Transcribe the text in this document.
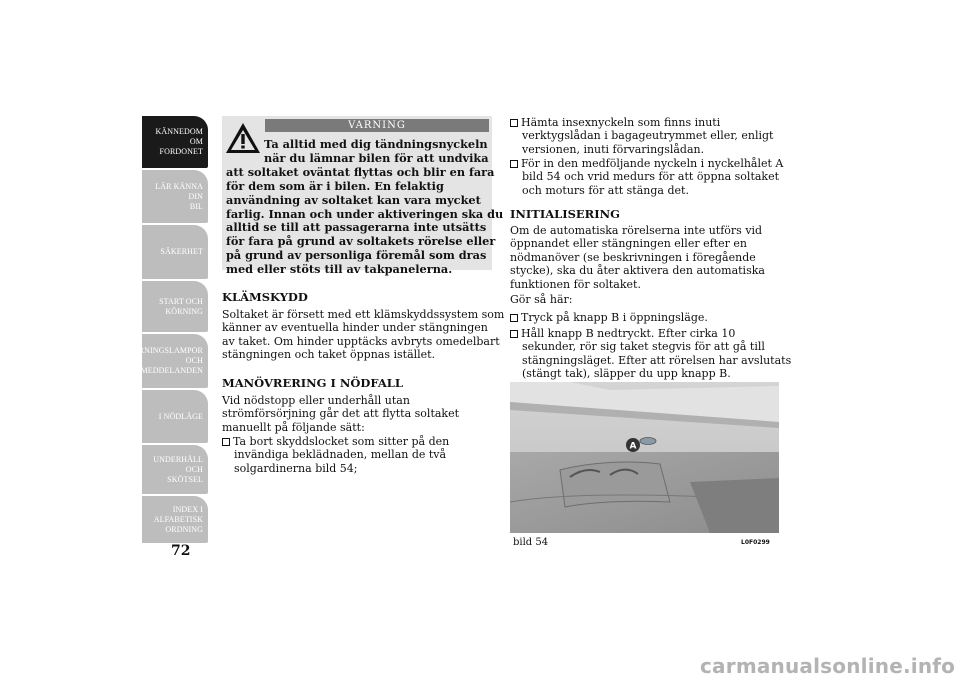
KÄNNEDOM OM
FORDONET
LÄR KÄNNA DIN
BIL
SÄKERHET
START OCH
KÖRNING
VARNINGSLAMPOR
OCH
MEDDELANDEN
I NÖDLÄGE
UNDERHÅLL OCH
SKÖTSEL
INDEX I
ALFABETISK
ORDNING
72
VARNING
Ta alltid med dig tändningsnyckeln
när du lämnar bilen för att undvika
att soltaket oväntat flyttas och blir en fara
för dem som är i bilen. En felaktig
användning av soltaket kan vara mycket
farlig. Innan och under aktiveringen ska du
alltid se till att passagerarna inte utsätts
för fara på grund av soltakets rörelse eller
på grund av personliga föremål som dras
med eller stöts till av takpanelerna.
KLÄMSKYDD
Soltaket är försett med ett klämskyddssystem som
känner av eventuella hinder under stängningen
av taket. Om hinder upptäcks avbryts omedelbart
stängningen och taket öppnas istället.
MANÖVRERING I NÖDFALL
Vid nödstopp eller underhåll utan
strömförsörjning går det att flytta soltaket
manuellt på följande sätt:
Ta bort skyddslocket som sitter på den
invändiga beklädnaden, mellan de två
solgardinerna bild 54;
Hämta insexnyckeln som finns inuti
verktygslådan i bagageutrymmet eller, enligt
versionen, inuti förvaringslådan.
För in den medföljande nyckeln i nyckelhålet A
bild 54 och vrid medurs för att öppna soltaket
och moturs för att stänga det.
INITIALISERING
Om de automatiska rörelserna inte utförs vid
öppnandet eller stängningen eller efter en
nödmanöver (se beskrivningen i föregående
stycke), ska du åter aktivera den automatiska
funktionen för soltaket.
Gör så här:
Tryck på knapp B i öppningsläge.
Håll knapp B nedtryckt. Efter cirka 10
sekunder, rör sig taket stegvis för att gå till
stängningsläget. Efter att rörelsen har avslutats
(stängt tak), släpper du upp knapp B.
A
bild 54	L0F0299
carmanualsonline.info
